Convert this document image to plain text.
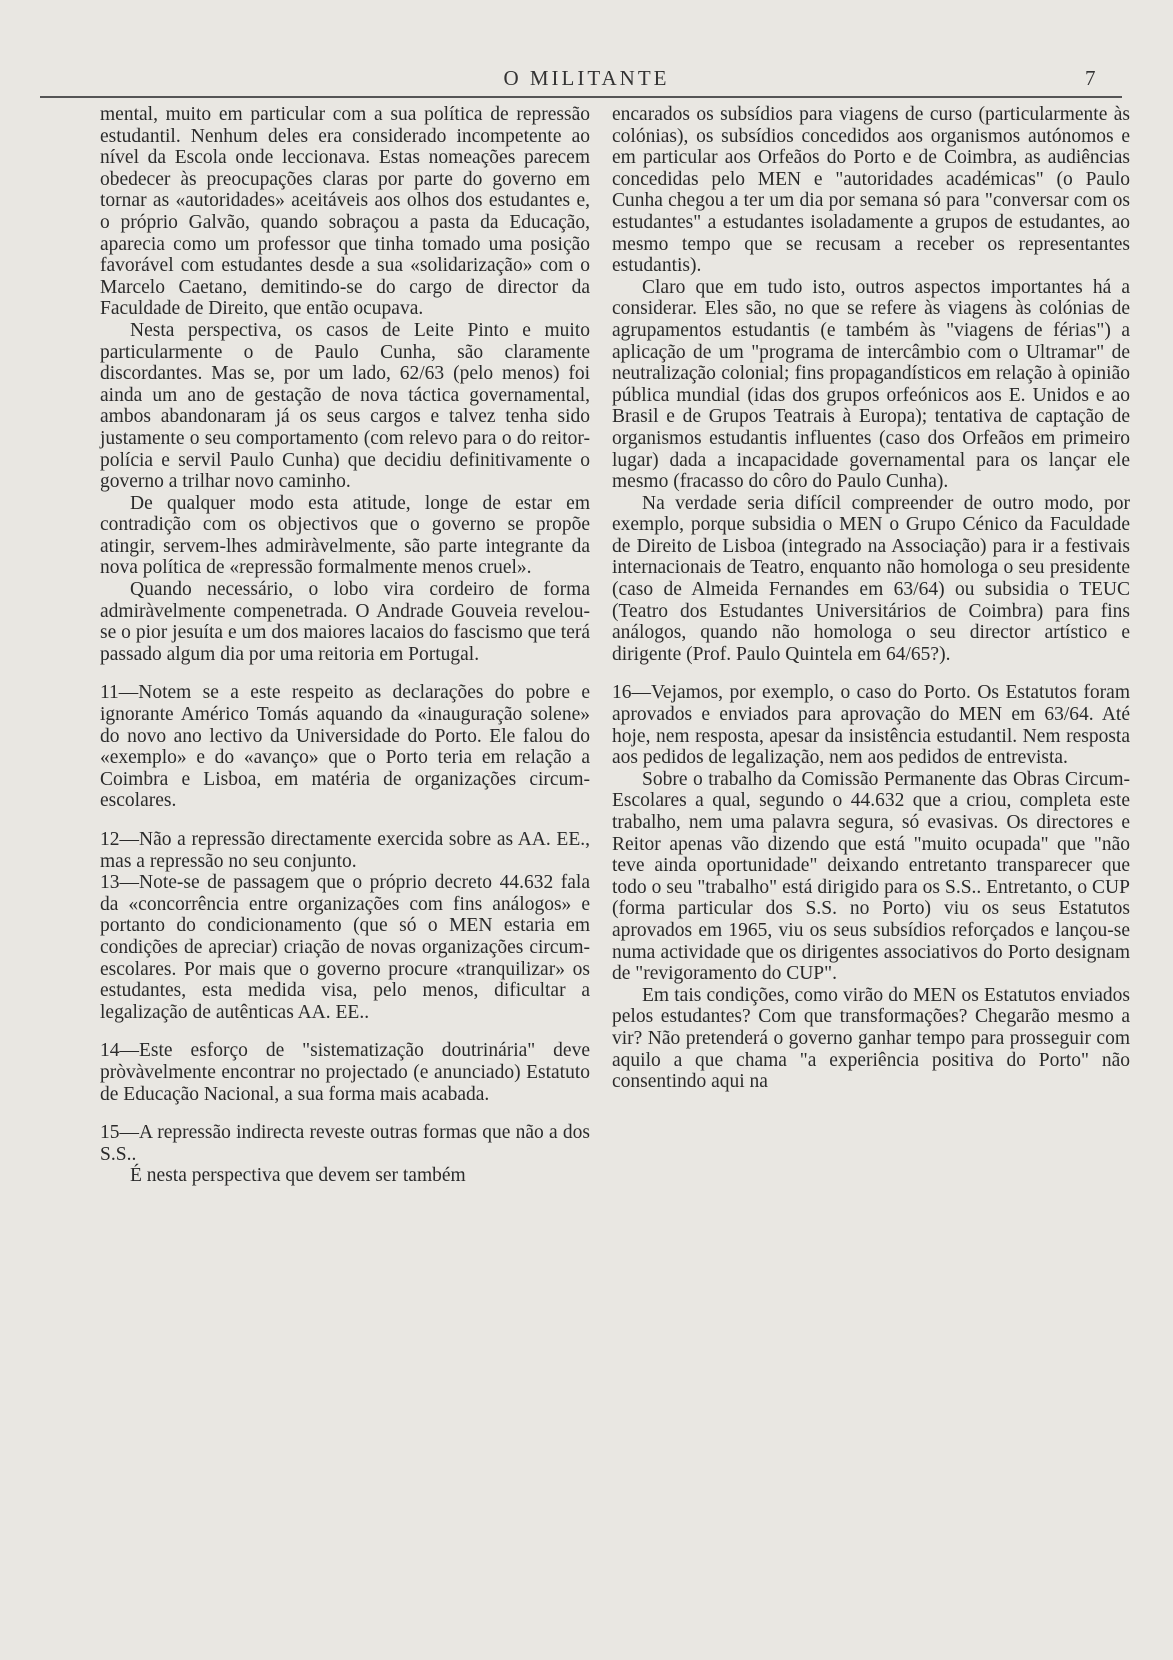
O MILITANTE	7

mental, muito em particular com a sua política de repressão estudantil. Nenhum deles era considerado incompetente ao nível da Escola onde leccionava. Estas nomeações parecem obedecer às preocupações claras por parte do governo em tornar as «autoridades» aceitáveis aos olhos dos estudantes e, o próprio Galvão, quando sobraçou a pasta da Educação, aparecia como um professor que tinha tomado uma posição favorável com estudantes desde a sua «solidarização» com o Marcelo Caetano, demitindo-se do cargo de director da Faculdade de Direito, que então ocupava.

Nesta perspectiva, os casos de Leite Pinto e muito particularmente o de Paulo Cunha, são claramente discordantes. Mas se, por um lado, 62/63 (pelo menos) foi ainda um ano de gestação de nova táctica governamental, ambos abandonaram já os seus cargos e talvez tenha sido justamente o seu comportamento (com relevo para o do reitor-polícia e servil Paulo Cunha) que decidiu definitivamente o governo a trilhar novo caminho.

De qualquer modo esta atitude, longe de estar em contradição com os objectivos que o governo se propõe atingir, servem-lhes admiràvelmente, são parte integrante da nova política de «repressão formalmente menos cruel».

Quando necessário, o lobo vira cordeiro de forma admiràvelmente compenetrada. O Andrade Gouveia revelou-se o pior jesuíta e um dos maiores lacaios do fascismo que terá passado algum dia por uma reitoria em Portugal.

11—Notem se a este respeito as declarações do pobre e ignorante Américo Tomás aquando da «inauguração solene» do novo ano lectivo da Universidade do Porto. Ele falou do «exemplo» e do «avanço» que o Porto teria em relação a Coimbra e Lisboa, em matéria de organizações circum-escolares.

12—Não a repressão directamente exercida sobre as AA. EE., mas a repressão no seu conjunto.

13—Note-se de passagem que o próprio decreto 44.632 fala da «concorrência entre organizações com fins análogos» e portanto do condicionamento (que só o MEN estaria em condições de apreciar) criação de novas organizações circum-escolares. Por mais que o governo procure «tranquilizar» os estudantes, esta medida visa, pelo menos, dificultar a legalização de autênticas AA. EE..

14—Este esforço de "sistematização doutrinária" deve pròvàvelmente encontrar no projectado (e anunciado) Estatuto de Educação Nacional, a sua forma mais acabada.

15—A repressão indirecta reveste outras formas que não a dos S.S..

É nesta perspectiva que devem ser também

encarados os subsídios para viagens de curso (particularmente às colónias), os subsídios concedidos aos organismos autónomos e em particular aos Orfeãos do Porto e de Coimbra, as audiências concedidas pelo MEN e "autoridades académicas" (o Paulo Cunha chegou a ter um dia por semana só para "conversar com os estudantes" a estudantes isoladamente a grupos de estudantes, ao mesmo tempo que se recusam a receber os representantes estudantis).

Claro que em tudo isto, outros aspectos importantes há a considerar. Eles são, no que se refere às viagens às colónias de agrupamentos estudantis (e também às "viagens de férias") a aplicação de um "programa de intercâmbio com o Ultramar" de neutralização colonial; fins propagandísticos em relação à opinião pública mundial (idas dos grupos orfeónicos aos E. Unidos e ao Brasil e de Grupos Teatrais à Europa); tentativa de captação de organismos estudantis influentes (caso dos Orfeãos em primeiro lugar) dada a incapacidade governamental para os lançar ele mesmo (fracasso do côro do Paulo Cunha).

Na verdade seria difícil compreender de outro modo, por exemplo, porque subsidia o MEN o Grupo Cénico da Faculdade de Direito de Lisboa (integrado na Associação) para ir a festivais internacionais de Teatro, enquanto não homologa o seu presidente (caso de Almeida Fernandes em 63/64) ou subsidia o TEUC (Teatro dos Estudantes Universitários de Coimbra) para fins análogos, quando não homologa o seu director artístico e dirigente (Prof. Paulo Quintela em 64/65?).

16—Vejamos, por exemplo, o caso do Porto. Os Estatutos foram aprovados e enviados para aprovação do MEN em 63/64. Até hoje, nem resposta, apesar da insistência estudantil. Nem resposta aos pedidos de legalização, nem aos pedidos de entrevista.

Sobre o trabalho da Comissão Permanente das Obras Circum-Escolares a qual, segundo o 44.632 que a criou, completa este trabalho, nem uma palavra segura, só evasivas. Os directores e Reitor apenas vão dizendo que está "muito ocupada" que "não teve ainda oportunidade" deixando entretanto transparecer que todo o seu "trabalho" está dirigido para os S.S.. Entretanto, o CUP (forma particular dos S.S. no Porto) viu os seus Estatutos aprovados em 1965, viu os seus subsídios reforçados e lançou-se numa actividade que os dirigentes associativos do Porto designam de "revigoramento do CUP".

Em tais condições, como virão do MEN os Estatutos enviados pelos estudantes? Com que transformações? Chegarão mesmo a vir? Não pretenderá o governo ganhar tempo para prosseguir com aquilo a que chama "a experiência positiva do Porto" não consentindo aqui na
